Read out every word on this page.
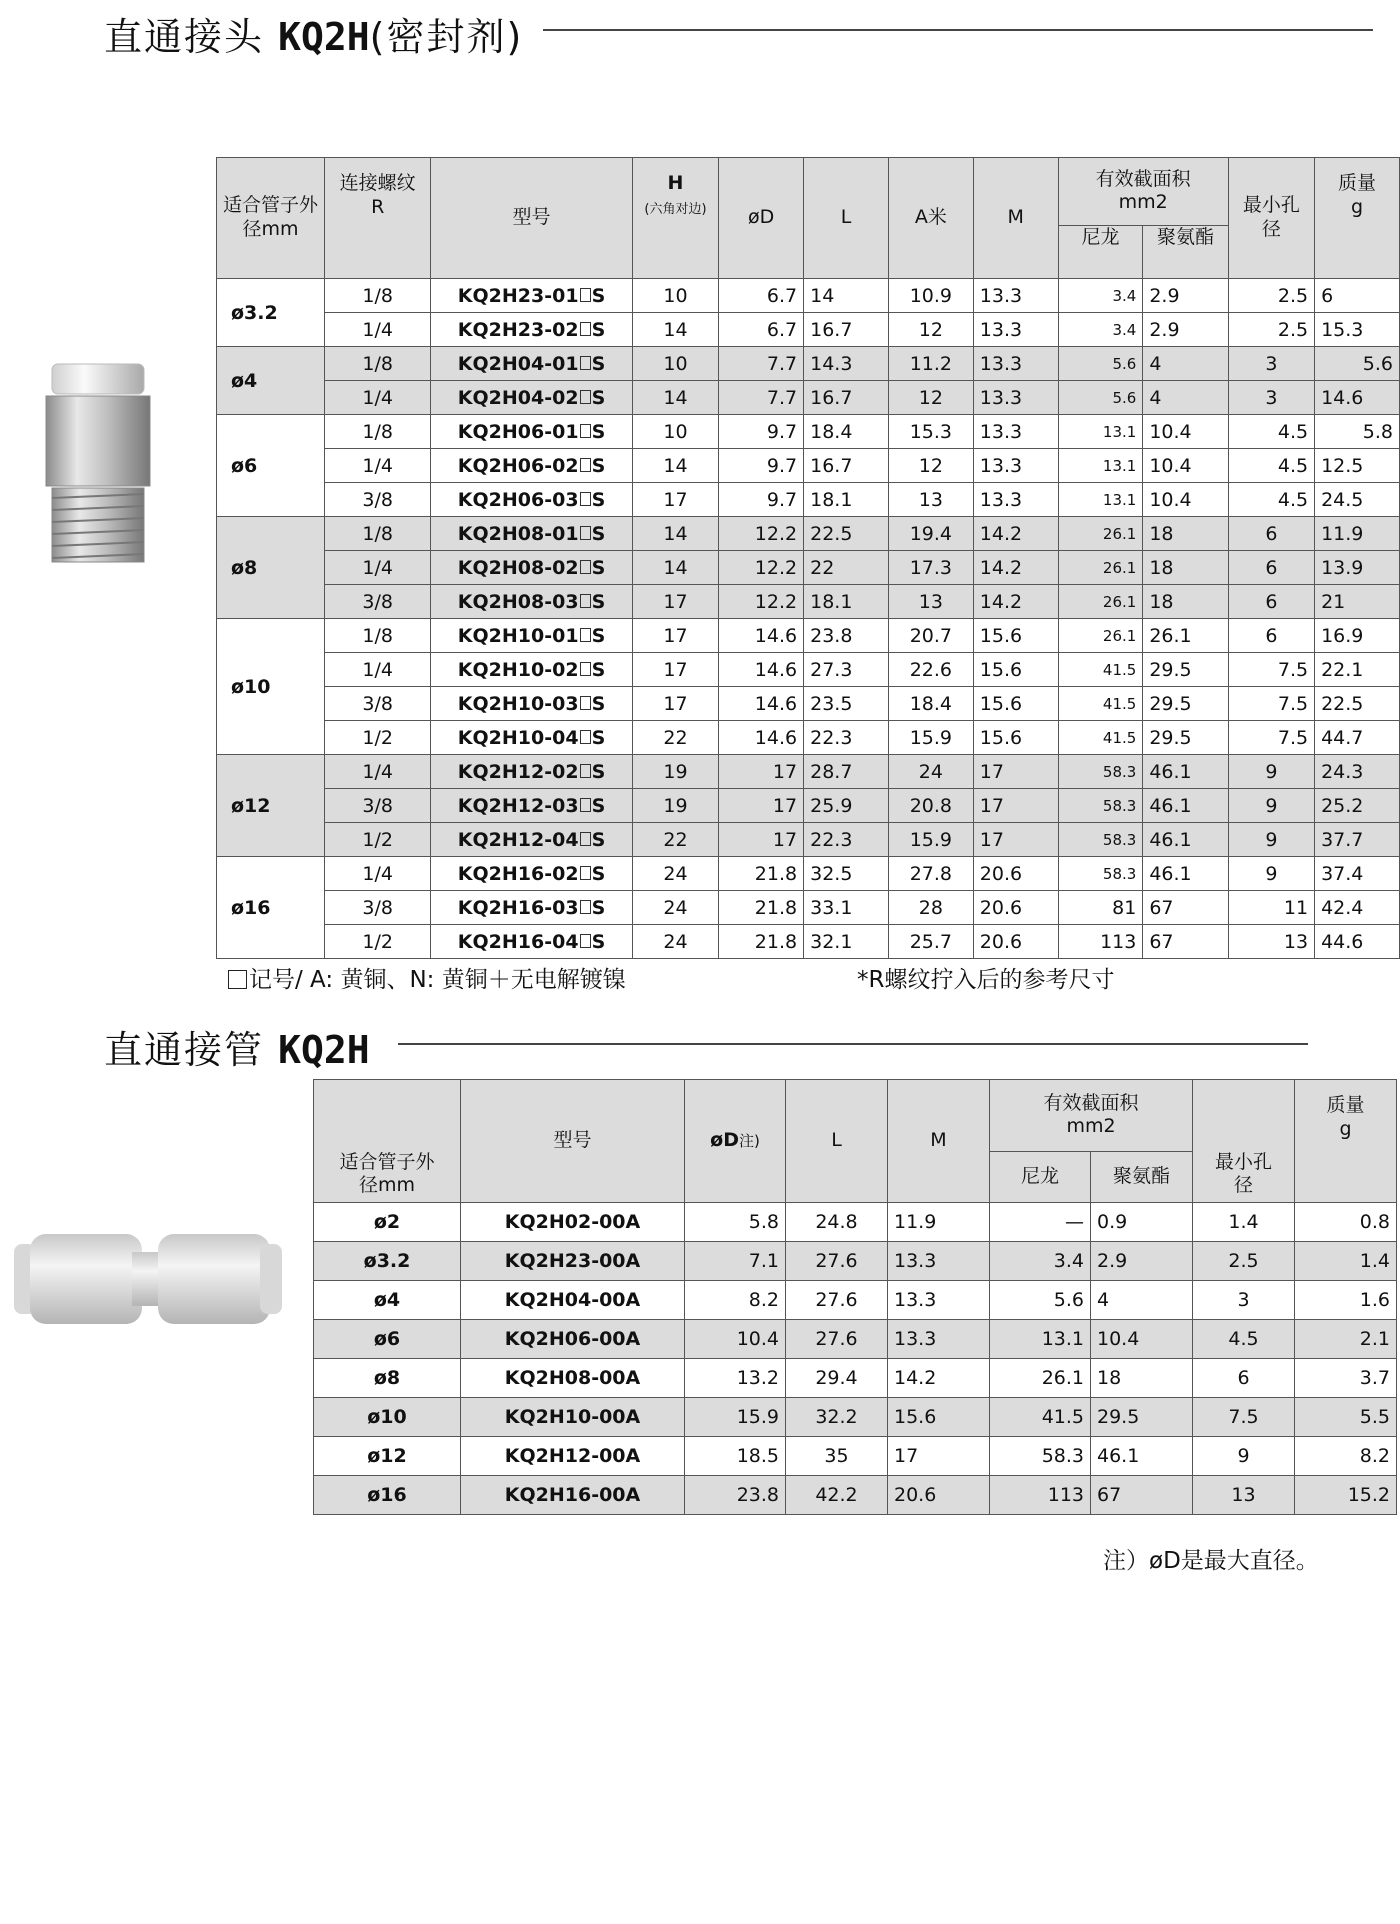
直通接头 KQ2H(密封剂)
适合管子外
径mm	连接螺纹
R	型号	H
(六角对边)	øD	L	A米	M	有效截面积
mm2		最小孔
径	质量
g
								尼龙	聚氨酯		
ø3.2	1/8	KQ2H23-01 S	10	6.7	14	10.9	13.3	3.4	2.9	2.5	6
	1/4	KQ2H23-02 S	14	6.7	16.7	12	13.3	3.4	2.9	2.5	15.3
ø4	1/8	KQ2H04-01 S	10	7.7	14.3	11.2	13.3	5.6	4	3	5.6
	1/4	KQ2H04-02 S	14	7.7	16.7	12	13.3	5.6	4	3	14.6
ø6	1/8	KQ2H06-01 S	10	9.7	18.4	15.3	13.3	13.1	10.4	4.5	5.8
	1/4	KQ2H06-02 S	14	9.7	16.7	12	13.3	13.1	10.4	4.5	12.5
	3/8	KQ2H06-03 S	17	9.7	18.1	13	13.3	13.1	10.4	4.5	24.5
ø8	1/8	KQ2H08-01 S	14	12.2	22.5	19.4	14.2	26.1	18	6	11.9
	1/4	KQ2H08-02 S	14	12.2	22	17.3	14.2	26.1	18	6	13.9
	3/8	KQ2H08-03 S	17	12.2	18.1	13	14.2	26.1	18	6	21
ø10	1/8	KQ2H10-01 S	17	14.6	23.8	20.7	15.6	26.1	26.1	6	16.9
	1/4	KQ2H10-02 S	17	14.6	27.3	22.6	15.6	41.5	29.5	7.5	22.1
	3/8	KQ2H10-03 S	17	14.6	23.5	18.4	15.6	41.5	29.5	7.5	22.5
	1/2	KQ2H10-04 S	22	14.6	22.3	15.9	15.6	41.5	29.5	7.5	44.7
ø12	1/4	KQ2H12-02 S	19	17	28.7	24	17	58.3	46.1	9	24.3
	3/8	KQ2H12-03 S	19	17	25.9	20.8	17	58.3	46.1	9	25.2
	1/2	KQ2H12-04 S	22	17	22.3	15.9	17	58.3	46.1	9	37.7
ø16	1/4	KQ2H16-02 S	24	21.8	32.5	27.8	20.6	58.3	46.1	9	37.4
	3/8	KQ2H16-03 S	24	21.8	33.1	28	20.6	81	67	11	42.4
	1/2	KQ2H16-04 S	24	21.8	32.1	25.7	20.6	113	67	13	44.6
记号/ A: 黄铜、N: 黄铜＋无电解镀镍	*R螺纹拧入后的参考尺寸
直通接管 KQ2H
适合管子外
径mm	型号	øD注)	L	M	有效截面积
mm2		最小孔
径	质量
g
					尼龙	聚氨酯		
ø2	KQ2H02-00A	5.8	24.8	11.9	—	0.9	1.4	0.8
ø3.2	KQ2H23-00A	7.1	27.6	13.3	3.4	2.9	2.5	1.4
ø4	KQ2H04-00A	8.2	27.6	13.3	5.6	4	3	1.6
ø6	KQ2H06-00A	10.4	27.6	13.3	13.1	10.4	4.5	2.1
ø8	KQ2H08-00A	13.2	29.4	14.2	26.1	18	6	3.7
ø10	KQ2H10-00A	15.9	32.2	15.6	41.5	29.5	7.5	5.5
ø12	KQ2H12-00A	18.5	35	17	58.3	46.1	9	8.2
ø16	KQ2H16-00A	23.8	42.2	20.6	113	67	13	15.2
注）øD是最大直径。
